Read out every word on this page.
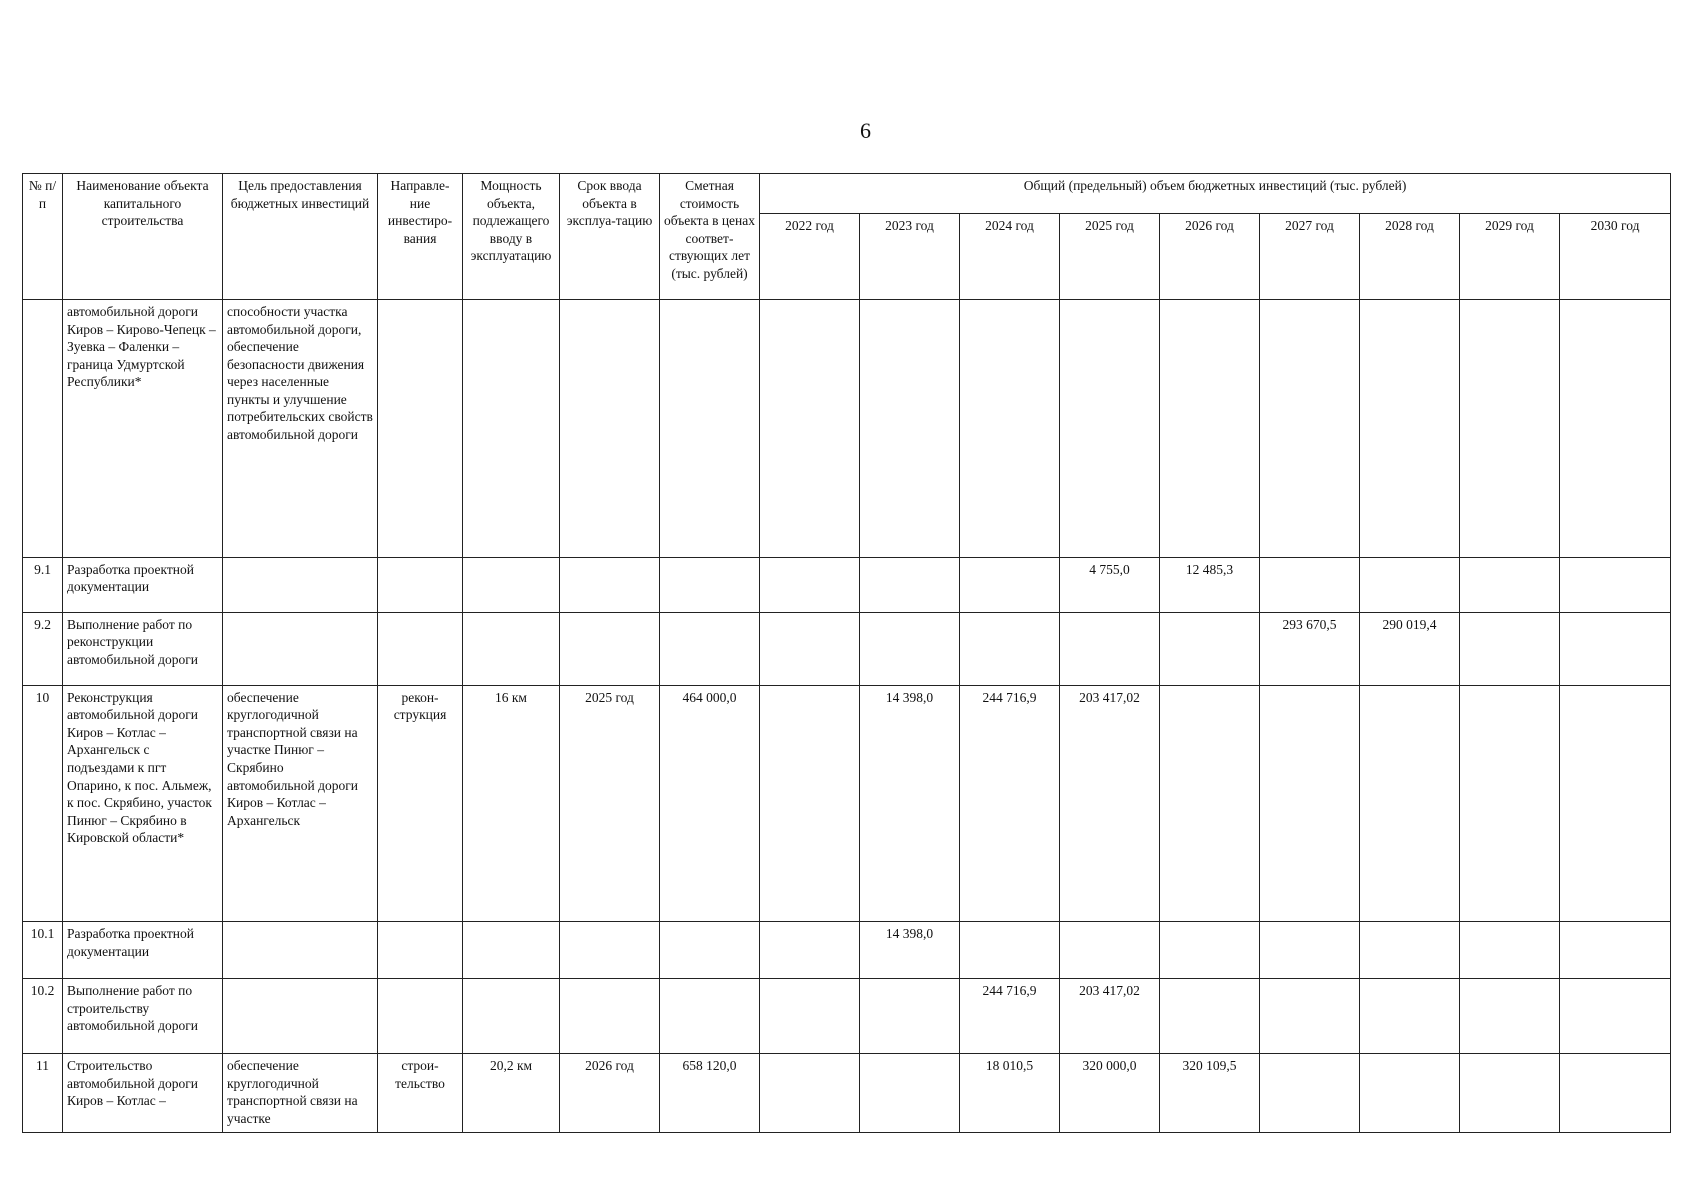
6
№ п/п	Наименование объекта капитального строительства	Цель предоставления бюджетных инвестиций	Направле-ние инвестиро-вания	Мощность объекта, подлежащего вводу в эксплуатацию	Срок ввода объекта в эксплуа-тацию	Сметная стоимость объекта в ценах соответ-ствующих лет (тыс. рублей)	Общий (предельный) объем бюджетных инвестиций (тыс. рублей)								
							2022 год	2023 год	2024 год	2025 год	2026 год	2027 год	2028 год	2029 год	2030 год
	автомобильной дороги Киров – Кирово-Чепецк – Зуевка – Фаленки – граница Удмуртской Республики*	способности участка автомобильной дороги, обеспечение безопасности движения через населенные пункты и улучшение потребительских свойств автомобильной дороги													
9.1	Разработка проектной документации									4 755,0	12 485,3				
9.2	Выполнение работ по реконструкции автомобильной дороги											293 670,5	290 019,4		
10	Реконструкция автомобильной дороги Киров – Котлас – Архангельск с подъездами к пгт Опарино, к пос. Альмеж, к пос. Скрябино, участок Пинюг – Скрябино в Кировской области*	обеспечение круглогодичной транспортной связи на участке Пинюг – Скрябино автомобильной дороги Киров – Котлас – Архангельск	рекон-струкция	16 км	2025 год	464 000,0		14 398,0	244 716,9	203 417,02					
10.1	Разработка проектной документации							14 398,0							
10.2	Выполнение работ по строительству автомобильной дороги								244 716,9	203 417,02					
11	Строительство автомобильной дороги Киров – Котлас –	обеспечение круглогодичной транспортной связи на участке	строи-тельство	20,2 км	2026 год	658 120,0			18 010,5	320 000,0	320 109,5				
